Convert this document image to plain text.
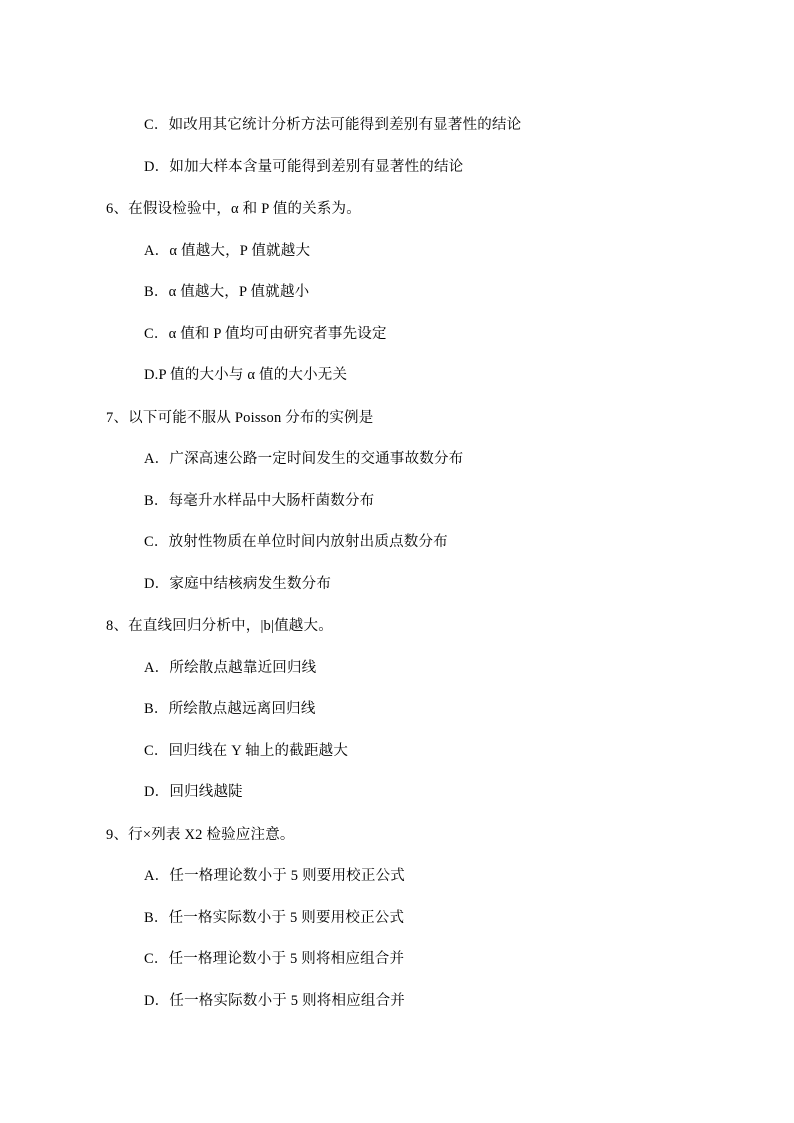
C．如改用其它统计分析方法可能得到差别有显著性的结论
D．如加大样本含量可能得到差别有显著性的结论
6、在假设检验中，α 和 P 值的关系为。
A．α 值越大，P 值就越大
B．α 值越大，P 值就越小
C．α 值和 P 值均可由研究者事先设定
D.P 值的大小与 α 值的大小无关
7、以下可能不服从 Poisson 分布的实例是
A．广深高速公路一定时间发生的交通事故数分布
B．每毫升水样品中大肠杆菌数分布
C．放射性物质在单位时间内放射出质点数分布
D．家庭中结核病发生数分布
8、在直线回归分析中，|b|值越大。
A．所绘散点越靠近回归线
B．所绘散点越远离回归线
C．回归线在 Y 轴上的截距越大
D．回归线越陡
9、行×列表 Χ2 检验应注意。
A．任一格理论数小于 5 则要用校正公式
B．任一格实际数小于 5 则要用校正公式
C．任一格理论数小于 5 则将相应组合并
D．任一格实际数小于 5 则将相应组合并
